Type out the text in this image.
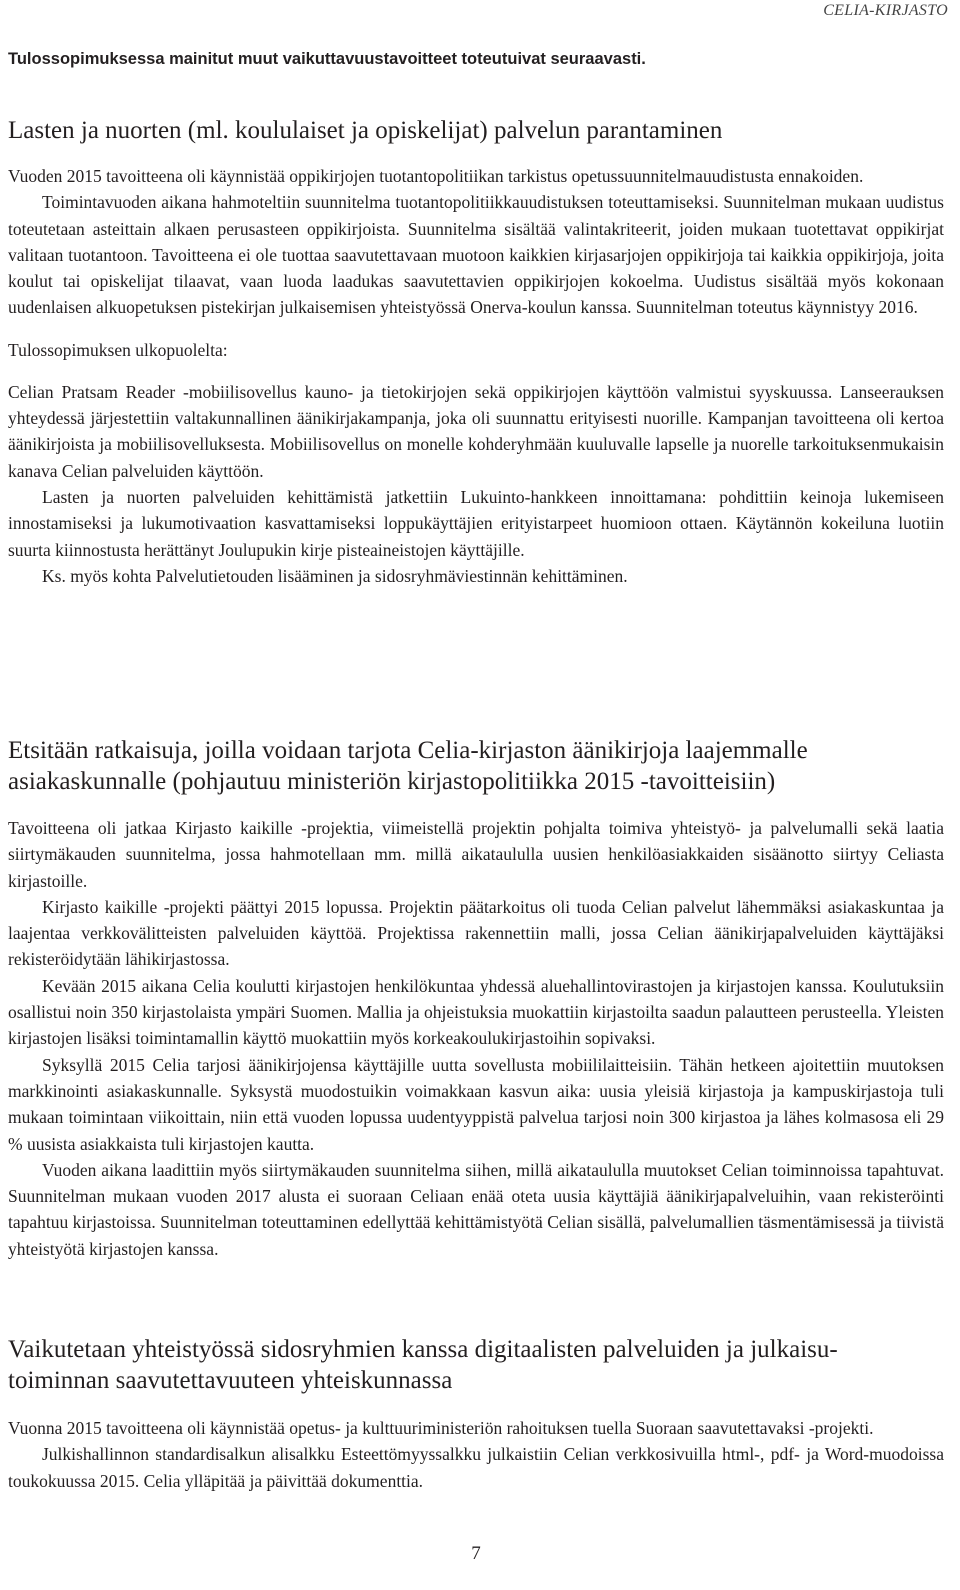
CELIA-KIRJASTO
Tulossopimuksessa mainitut muut vaikuttavuustavoitteet toteutuivat seuraavasti.
Lasten ja nuorten (ml. koululaiset ja opiskelijat) palvelun parantaminen

Vuoden 2015 tavoitteena oli käynnistää oppikirjojen tuotantopolitiikan tarkistus opetussuunnitelmauudistusta ennakoiden.

Toimintavuoden aikana hahmoteltiin suunnitelma tuotantopolitiikkauudistuksen toteuttamiseksi. Suunnitelman mukaan uudistus toteutetaan asteittain alkaen perusasteen oppikirjoista. Suunnitelma sisältää valintakriteerit, joiden mukaan tuotettavat oppikirjat valitaan tuotantoon. Tavoitteena ei ole tuottaa saavutettavaan muotoon kaikkien kirjasarjojen oppikirjoja tai kaikkia oppikirjoja, joita koulut tai opiskelijat tilaavat, vaan luoda laadukas saavutettavien oppikirjojen kokoelma. Uudistus sisältää myös kokonaan uudenlaisen alkuopetuksen pistekirjan julkaisemisen yhteistyössä Onerva-koulun kanssa. Suunnitelman toteutus käynnistyy 2016.

Tulossopimuksen ulkopuolelta:

Celian Pratsam Reader -mobiilisovellus kauno- ja tietokirjojen sekä oppikirjojen käyttöön valmistui syyskuussa. Lanseerauksen yhteydessä järjestettiin valtakunnallinen äänikirjakampanja, joka oli suunnattu erityisesti nuorille. Kampanjan tavoitteena oli kertoa äänikirjoista ja mobiilisovelluksesta. Mobiilisovellus on monelle kohderyhmään kuuluvalle lapselle ja nuorelle tarkoituksenmukaisin kanava Celian palveluiden käyttöön.

Lasten ja nuorten palveluiden kehittämistä jatkettiin Lukuinto-hankkeen innoittamana: pohdittiin keinoja lukemiseen innostamiseksi ja lukumotivaation kasvattamiseksi loppukäyttäjien erityistarpeet huomioon ottaen. Käytännön kokeiluna luotiin suurta kiinnostusta herättänyt Joulupukin kirje pisteaineistojen käyttäjille.

Ks. myös kohta Palvelutietouden lisääminen ja sidosryhmäviestinnän kehittäminen.

Etsitään ratkaisuja, joilla voidaan tarjota Celia-kirjaston äänikirjoja laajemmalle
asiakaskunnalle (pohjautuu ministeriön kirjastopolitiikka 2015 -tavoitteisiin)

Tavoitteena oli jatkaa Kirjasto kaikille -projektia, viimeistellä projektin pohjalta toimiva yhteistyö- ja palvelumalli sekä laatia siirtymäkauden suunnitelma, jossa hahmotellaan mm. millä aikataululla uusien henkilöasiakkaiden sisäänotto siirtyy Celiasta kirjastoille.

Kirjasto kaikille -projekti päättyi 2015 lopussa. Projektin päätarkoitus oli tuoda Celian palvelut lähemmäksi asiakaskuntaa ja laajentaa verkkovälitteisten palveluiden käyttöä. Projektissa rakennettiin malli, jossa Celian äänikirjapalveluiden käyttäjäksi rekisteröidytään lähikirjastossa.

Kevään 2015 aikana Celia koulutti kirjastojen henkilökuntaa yhdessä aluehallintovirastojen ja kirjastojen kanssa. Koulutuksiin osallistui noin 350 kirjastolaista ympäri Suomen. Mallia ja ohjeistuksia muokattiin kirjastoilta saadun palautteen perusteella. Yleisten kirjastojen lisäksi toimintamallin käyttö muokattiin myös korkeakoulukirjastoihin sopivaksi.

Syksyllä 2015 Celia tarjosi äänikirjojensa käyttäjille uutta sovellusta mobiililaitteisiin. Tähän hetkeen ajoitettiin muutoksen markkinointi asiakaskunnalle. Syksystä muodostuikin voimakkaan kasvun aika: uusia yleisiä kirjastoja ja kampuskirjastoja tuli mukaan toimintaan viikoittain, niin että vuoden lopussa uudentyyppistä palvelua tarjosi noin 300 kirjastoa ja lähes kolmasosa eli 29 % uusista asiakkaista tuli kirjastojen kautta.

Vuoden aikana laadittiin myös siirtymäkauden suunnitelma siihen, millä aikataululla muutokset Celian toiminnoissa tapahtuvat. Suunnitelman mukaan vuoden 2017 alusta ei suoraan Celiaan enää oteta uusia käyttäjiä äänikirjapalveluihin, vaan rekisteröinti tapahtuu kirjastoissa. Suunnitelman toteuttaminen edellyttää kehittämistyötä Celian sisällä, palvelumallien täsmentämisessä ja tiivistä yhteistyötä kirjastojen kanssa.

Vaikutetaan yhteistyössä sidosryhmien kanssa digitaalisten palveluiden ja julkaisu-
toiminnan saavutettavuuteen yhteiskunnassa

Vuonna 2015 tavoitteena oli käynnistää opetus- ja kulttuuriministeriön rahoituksen tuella Suoraan saavutettavaksi -projekti.

Julkishallinnon standardisalkun alisalkku Esteettömyyssalkku julkaistiin Celian verkkosivuilla html-, pdf- ja Word-muodoissa toukokuussa 2015. Celia ylläpitää ja päivittää dokumenttia.

7
